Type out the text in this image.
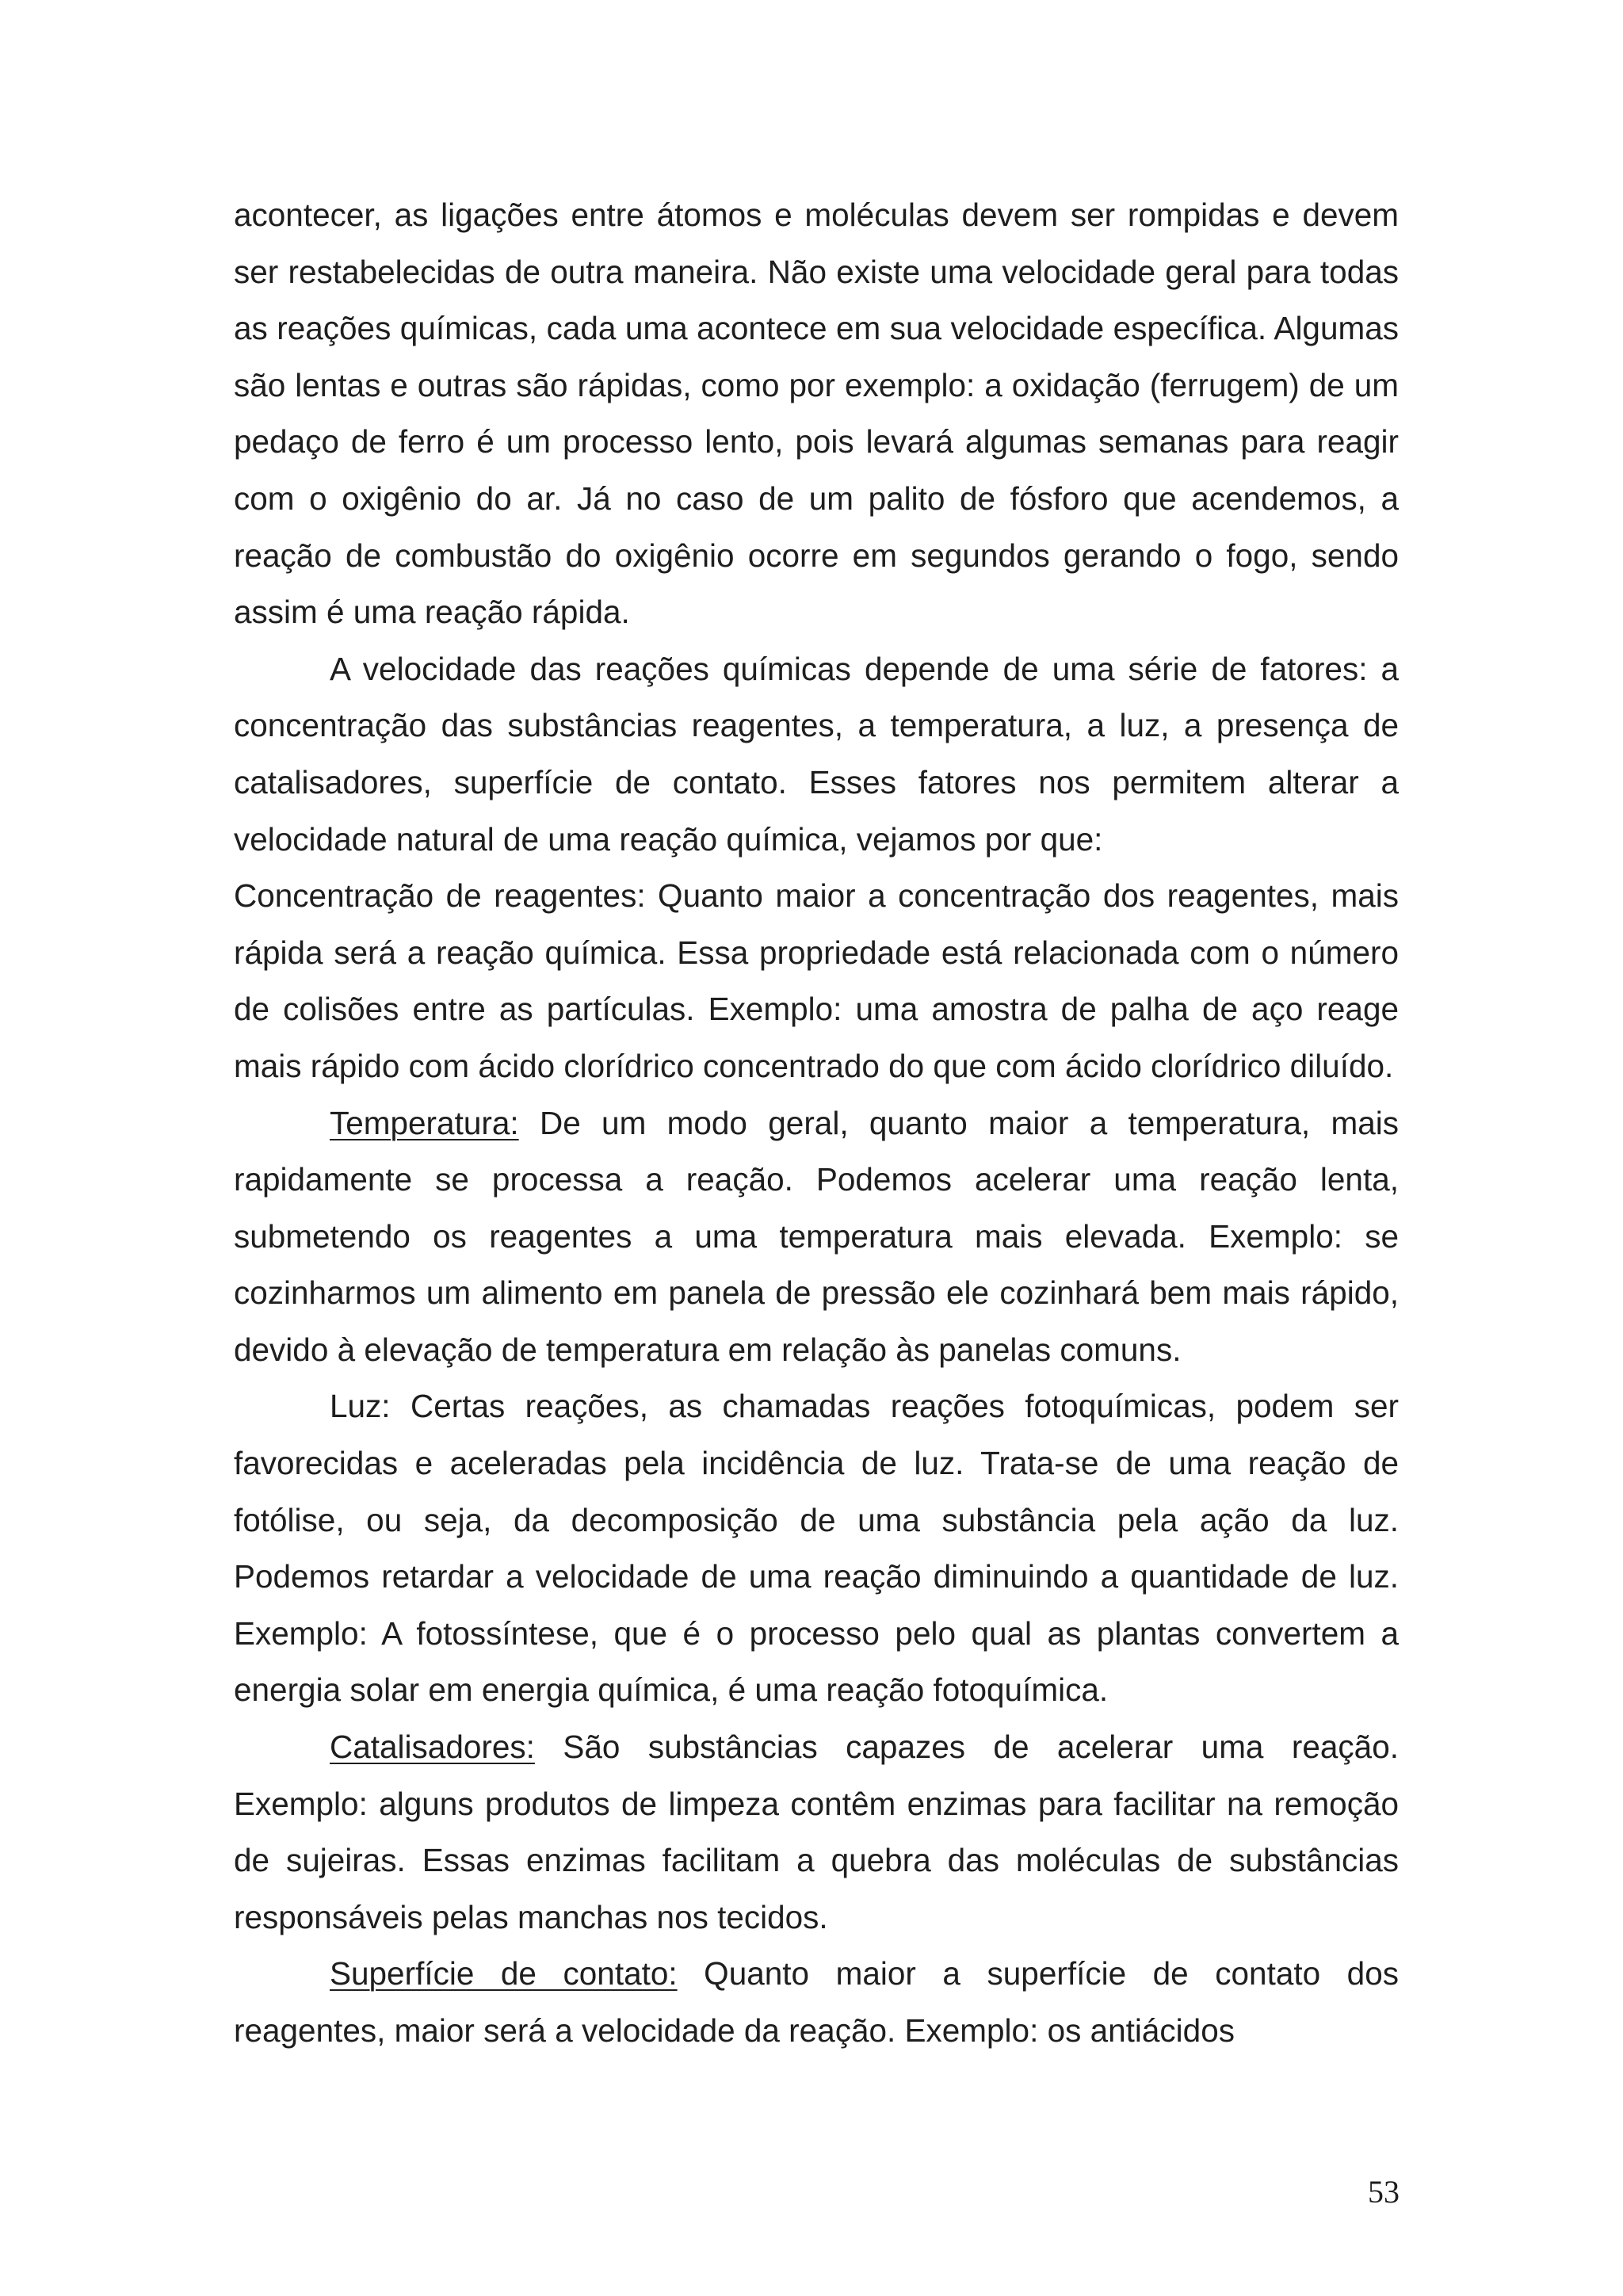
acontecer, as ligações entre átomos e moléculas devem ser rompidas e devem ser restabelecidas de outra maneira. Não existe uma velocidade geral para todas as reações químicas, cada uma acontece em sua velocidade específica. Algumas são lentas e outras são rápidas, como por exemplo: a oxidação (ferrugem) de um pedaço de ferro é um processo lento, pois levará algumas semanas para reagir com o oxigênio do ar. Já no caso de um palito de fósforo que acendemos, a reação de combustão do oxigênio ocorre em segundos gerando o fogo, sendo assim é uma reação rápida.

A velocidade das reações químicas depende de uma série de fatores: a concentração das substâncias reagentes, a temperatura, a luz, a presença de catalisadores, superfície de contato. Esses fatores nos permitem alterar a velocidade natural de uma reação química, vejamos por que:

Concentração de reagentes: Quanto maior a concentração dos reagentes, mais rápida será a reação química. Essa propriedade está relacionada com o número de colisões entre as partículas. Exemplo: uma amostra de palha de aço reage mais rápido com ácido clorídrico concentrado do que com ácido clorídrico diluído.

Temperatura: De um modo geral, quanto maior a temperatura, mais rapidamente se processa a reação. Podemos acelerar uma reação lenta, submetendo os reagentes a uma temperatura mais elevada. Exemplo: se cozinharmos um alimento em panela de pressão ele cozinhará bem mais rápido, devido à elevação de temperatura em relação às panelas comuns.

Luz: Certas reações, as chamadas reações fotoquímicas, podem ser favorecidas e aceleradas pela incidência de luz. Trata-se de uma reação de fotólise, ou seja, da decomposição de uma substância pela ação da luz. Podemos retardar a velocidade de uma reação diminuindo a quantidade de luz. Exemplo: A fotossíntese, que é o processo pelo qual as plantas convertem a energia solar em energia química, é uma reação fotoquímica.

Catalisadores: São substâncias capazes de acelerar uma reação. Exemplo: alguns produtos de limpeza contêm enzimas para facilitar na remoção de sujeiras. Essas enzimas facilitam a quebra das moléculas de substâncias responsáveis pelas manchas nos tecidos.

Superfície de contato: Quanto maior a superfície de contato dos reagentes, maior será a velocidade da reação. Exemplo: os antiácidos

53
